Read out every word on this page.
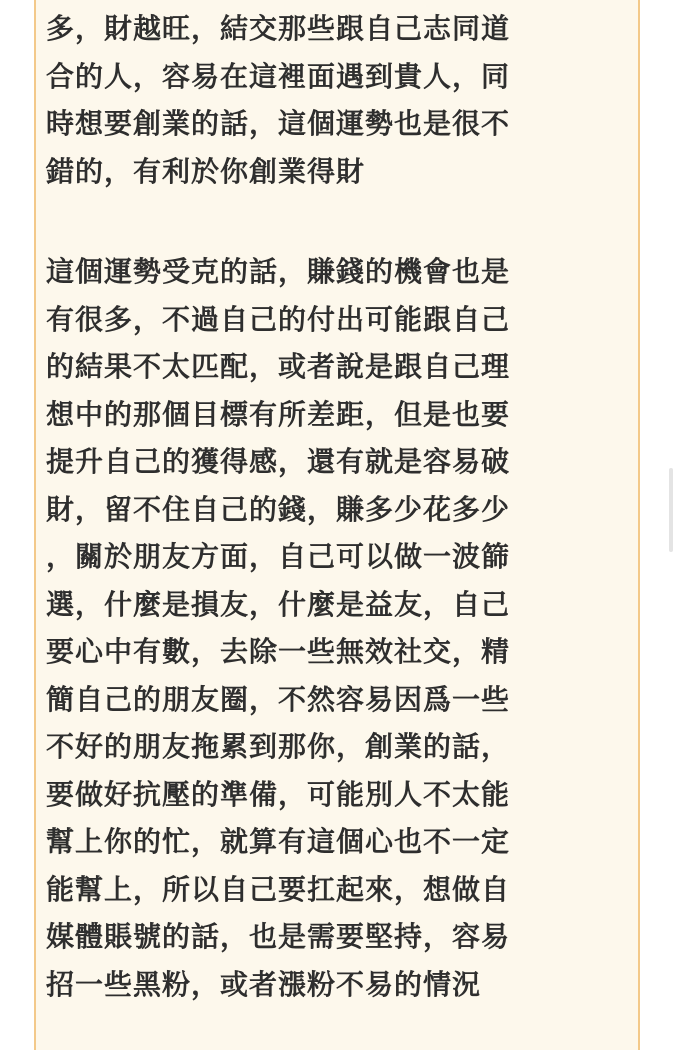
多，財越旺，結交那些跟自己志同道
合的人，容易在這裡面遇到貴人，同
時想要創業的話，這個運勢也是很不
錯的，有利於你創業得財
這個運勢受克的話，賺錢的機會也是
有很多，不過自己的付出可能跟自己
的結果不太匹配，或者說是跟自己理
想中的那個目標有所差距，但是也要
提升自己的獲得感，還有就是容易破
財，留不住自己的錢，賺多少花多少
，關於朋友方面，自己可以做一波篩
選，什麼是損友，什麼是益友，自己
要心中有數，去除一些無效社交，精
簡自己的朋友圈，不然容易因爲一些
不好的朋友拖累到那你，創業的話，
要做好抗壓的準備，可能別人不太能
幫上你的忙，就算有這個心也不一定
能幫上，所以自己要扛起來，想做自
媒體賬號的話，也是需要堅持，容易
招一些黑粉，或者漲粉不易的情況
